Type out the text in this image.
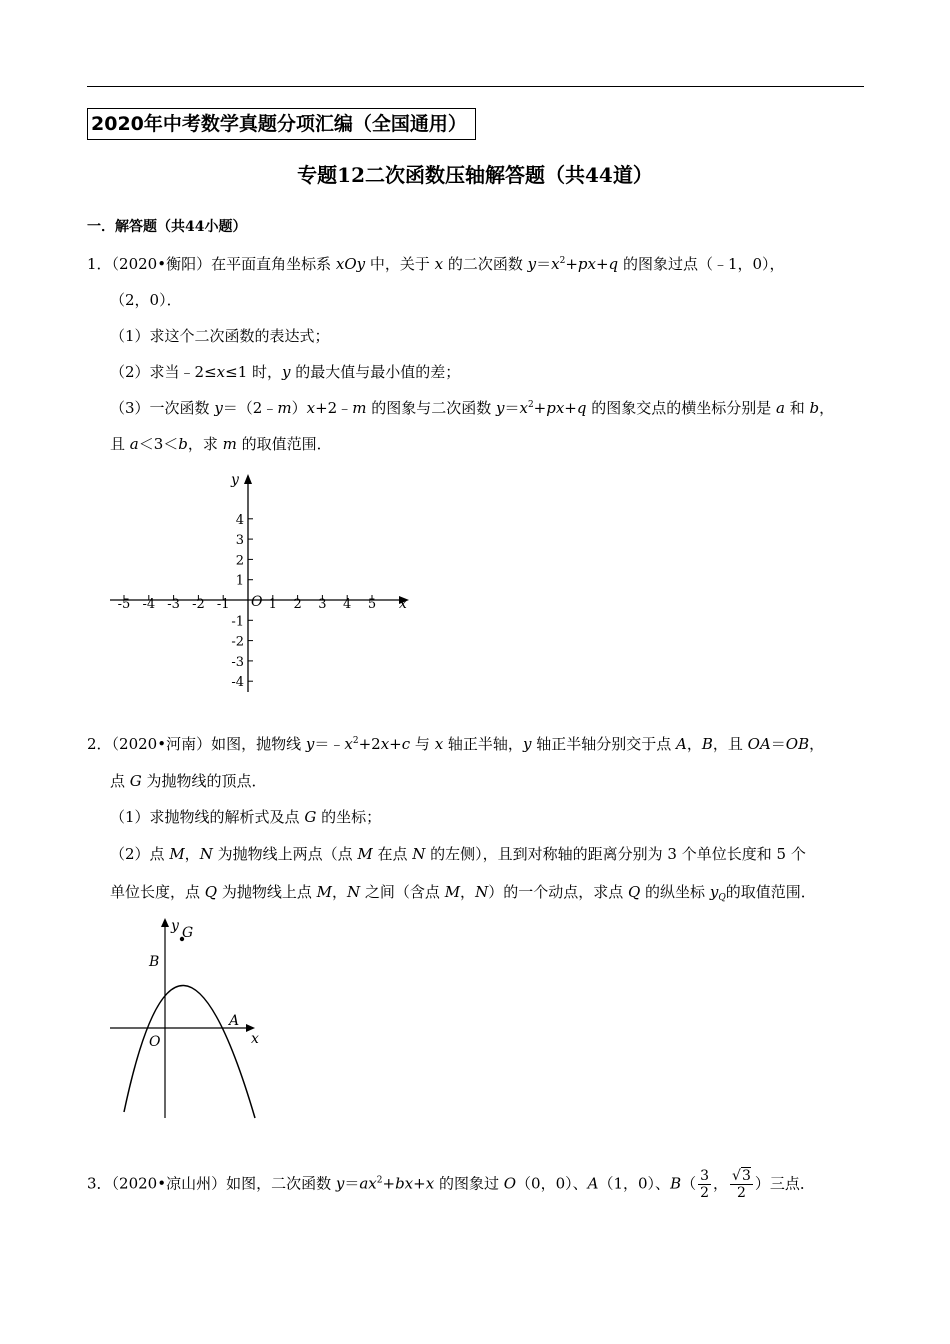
2020年中考数学真题分项汇编（全国通用）
专题12二次函数压轴解答题（共44道）
一．解答题（共44小题）
1．（2020•衡阳）在平面直角坐标系 xOy 中，关于 x 的二次函数 $y=x^2+px+q$ 的图象过点（﹣1，0），
（2，0）．
（1）求这个二次函数的表达式；
（2）求当﹣2≤x≤1 时，y 的最大值与最小值的差；
（3）一次函数 y＝（2﹣m）x+2﹣m 的图象与二次函数 $y=x^2+px+q$ 的图象交点的横坐标分别是 a 和 b，
且 a＜3＜b，求 m 的取值范围．
-5 -4 -3 -2 -1	1 2 3 4 5
4
3
2
1
-1
-2
-3
-4
x
y
O
2．（2020•河南）如图，抛物线 $y=﹣x^2+2x+c$ 与 x 轴正半轴，y 轴正半轴分别交于点 A，B，且 OA＝OB，
点 G 为抛物线的顶点．
（1）求抛物线的解析式及点 G 的坐标；
（2）点 M，N 为抛物线上两点（点 M 在点 N 的左侧），且到对称轴的距离分别为 3 个单位长度和 5 个
单位长度，点 Q 为抛物线上点 M，N 之间（含点 M，N）的一个动点，求点 Q 的纵坐标 $y_Q$的取值范围．
y G
B
A
O	x
3．（2020•凉山州）如图，二次函数 $y=ax^2+bx+x$ 的图象过 O（0，0）、A（1，0）、$B( \frac{3}{2}$ ， $\frac{√3}{2}$ ）三点．
